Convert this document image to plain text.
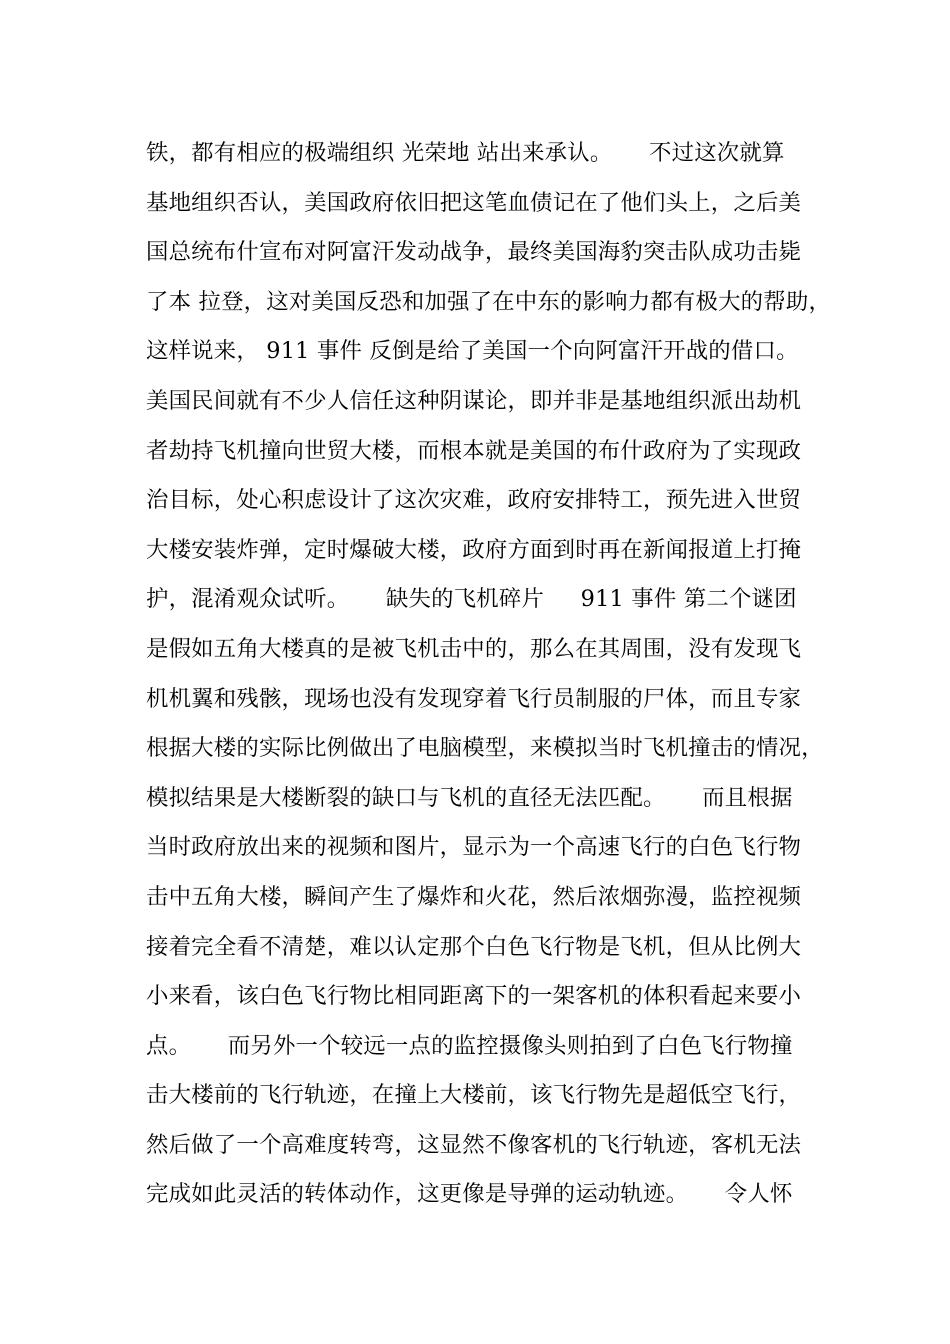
铁，都有相应的极端组织 光荣地 站出来承认。     不过这次就算
基地组织否认，美国政府依旧把这笔血债记在了他们头上，之后美
国总统布什宣布对阿富汗发动战争，最终美国海豹突击队成功击毙
了本 拉登，这对美国反恐和加强了在中东的影响力都有极大的帮助，
这样说来， 911 事件 反倒是给了美国一个向阿富汗开战的借口。
美国民间就有不少人信任这种阴谋论，即并非是基地组织派出劫机
者劫持飞机撞向世贸大楼，而根本就是美国的布什政府为了实现政
治目标，处心积虑设计了这次灾难，政府安排特工，预先进入世贸
大楼安装炸弹，定时爆破大楼，政府方面到时再在新闻报道上打掩
护，混淆观众试听。     缺失的飞机碎片     911 事件 第二个谜团
是假如五角大楼真的是被飞机击中的，那么在其周围，没有发现飞
机机翼和残骸，现场也没有发现穿着飞行员制服的尸体，而且专家
根据大楼的实际比例做出了电脑模型，来模拟当时飞机撞击的情况，
模拟结果是大楼断裂的缺口与飞机的直径无法匹配。     而且根据
当时政府放出来的视频和图片，显示为一个高速飞行的白色飞行物
击中五角大楼，瞬间产生了爆炸和火花，然后浓烟弥漫，监控视频
接着完全看不清楚，难以认定那个白色飞行物是飞机，但从比例大
小来看，该白色飞行物比相同距离下的一架客机的体积看起来要小
点。     而另外一个较远一点的监控摄像头则拍到了白色飞行物撞
击大楼前的飞行轨迹，在撞上大楼前，该飞行物先是超低空飞行，
然后做了一个高难度转弯，这显然不像客机的飞行轨迹，客机无法
完成如此灵活的转体动作，这更像是导弹的运动轨迹。     令人怀
